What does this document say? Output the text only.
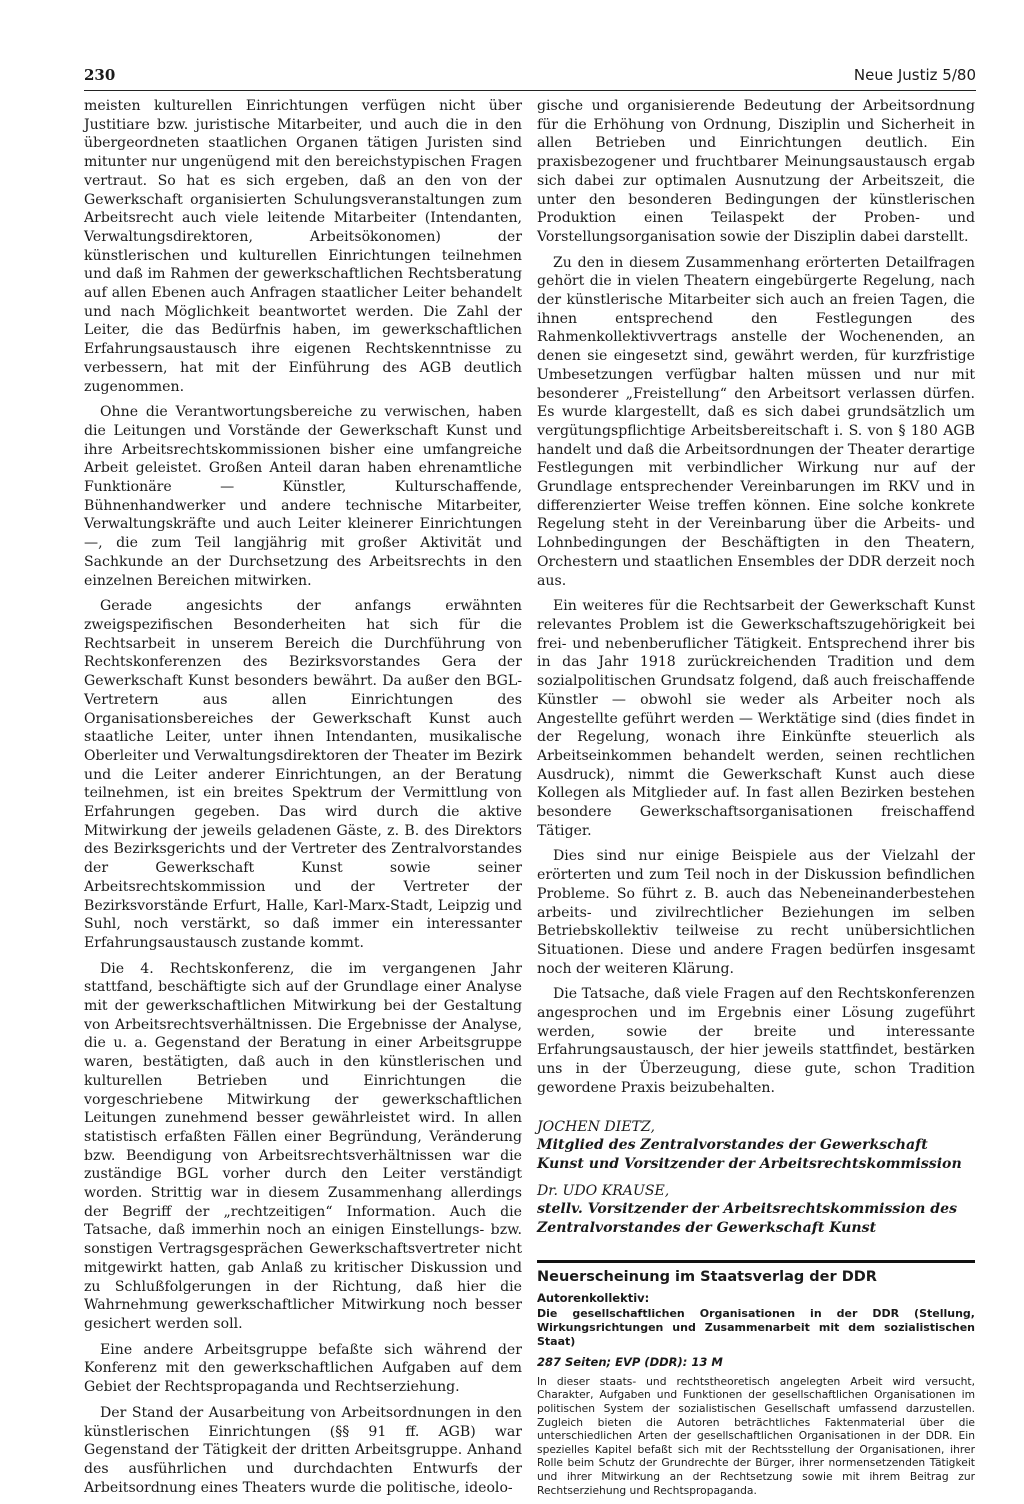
230	Neue Justiz 5/80

meisten kulturellen Einrichtungen verfügen nicht über Justitiare bzw. juristische Mitarbeiter, und auch die in den übergeordneten staatlichen Organen tätigen Juristen sind mitunter nur ungenügend mit den bereichstypischen Fragen vertraut. So hat es sich ergeben, daß an den von der Gewerkschaft organisierten Schulungsveranstaltungen zum Arbeitsrecht auch viele leitende Mitarbeiter (Intendanten, Verwaltungsdirektoren, Arbeitsökonomen) der künstlerischen und kulturellen Einrichtungen teilnehmen und daß im Rahmen der gewerkschaftlichen Rechtsberatung auf allen Ebenen auch Anfragen staatlicher Leiter behandelt und nach Möglichkeit beantwortet werden. Die Zahl der Leiter, die das Bedürfnis haben, im gewerkschaftlichen Erfahrungsaustausch ihre eigenen Rechtskenntnisse zu verbessern, hat mit der Einführung des AGB deutlich zugenommen.

Ohne die Verantwortungsbereiche zu verwischen, haben die Leitungen und Vorstände der Gewerkschaft Kunst und ihre Arbeitsrechtskommissionen bisher eine umfangreiche Arbeit geleistet. Großen Anteil daran haben ehrenamtliche Funktionäre — Künstler, Kulturschaffende, Bühnenhandwerker und andere technische Mitarbeiter, Verwaltungskräfte und auch Leiter kleinerer Einrichtungen —, die zum Teil langjährig mit großer Aktivität und Sachkunde an der Durchsetzung des Arbeitsrechts in den einzelnen Bereichen mitwirken.

Gerade angesichts der anfangs erwähnten zweigspezifischen Besonderheiten hat sich für die Rechtsarbeit in unserem Bereich die Durchführung von Rechtskonferenzen des Bezirksvorstandes Gera der Gewerkschaft Kunst besonders bewährt. Da außer den BGL-Vertretern aus allen Einrichtungen des Organisationsbereiches der Gewerkschaft Kunst auch staatliche Leiter, unter ihnen Intendanten, musikalische Oberleiter und Verwaltungsdirektoren der Theater im Bezirk und die Leiter anderer Einrichtungen, an der Beratung teilnehmen, ist ein breites Spektrum der Vermittlung von Erfahrungen gegeben. Das wird durch die aktive Mitwirkung der jeweils geladenen Gäste, z. B. des Direktors des Bezirksgerichts und der Vertreter des Zentralvorstandes der Gewerkschaft Kunst sowie seiner Arbeitsrechtskommission und der Vertreter der Bezirksvorstände Erfurt, Halle, Karl-Marx-Stadt, Leipzig und Suhl, noch verstärkt, so daß immer ein interessanter Erfahrungsaustausch zustande kommt.

Die 4. Rechtskonferenz, die im vergangenen Jahr stattfand, beschäftigte sich auf der Grundlage einer Analyse mit der gewerkschaftlichen Mitwirkung bei der Gestaltung von Arbeitsrechtsverhältnissen. Die Ergebnisse der Analyse, die u. a. Gegenstand der Beratung in einer Arbeitsgruppe waren, bestätigten, daß auch in den künstlerischen und kulturellen Betrieben und Einrichtungen die vorgeschriebene Mitwirkung der gewerkschaftlichen Leitungen zunehmend besser gewährleistet wird. In allen statistisch erfaßten Fällen einer Begründung, Veränderung bzw. Beendigung von Arbeitsrechtsverhältnissen war die zuständige BGL vorher durch den Leiter verständigt worden. Strittig war in diesem Zusammenhang allerdings der Begriff der „rechtzeitigen“ Information. Auch die Tatsache, daß immerhin noch an einigen Einstellungs- bzw. sonstigen Vertragsgesprächen Gewerkschaftsvertreter nicht mitgewirkt hatten, gab Anlaß zu kritischer Diskussion und zu Schlußfolgerungen in der Richtung, daß hier die Wahrnehmung gewerkschaftlicher Mitwirkung noch besser gesichert werden soll.

Eine andere Arbeitsgruppe befaßte sich während der Konferenz mit den gewerkschaftlichen Aufgaben auf dem Gebiet der Rechtspropaganda und Rechtserziehung.

Der Stand der Ausarbeitung von Arbeitsordnungen in den künstlerischen Einrichtungen (§§ 91 ff. AGB) war Gegenstand der Tätigkeit der dritten Arbeitsgruppe. Anhand des ausführlichen und durchdachten Entwurfs der Arbeitsordnung eines Theaters wurde die politische, ideolo-

gische und organisierende Bedeutung der Arbeitsordnung für die Erhöhung von Ordnung, Disziplin und Sicherheit in allen Betrieben und Einrichtungen deutlich. Ein praxisbezogener und fruchtbarer Meinungsaustausch ergab sich dabei zur optimalen Ausnutzung der Arbeitszeit, die unter den besonderen Bedingungen der künstlerischen Produktion einen Teilaspekt der Proben- und Vorstellungsorganisation sowie der Disziplin dabei darstellt.

Zu den in diesem Zusammenhang erörterten Detailfragen gehört die in vielen Theatern eingebürgerte Regelung, nach der künstlerische Mitarbeiter sich auch an freien Tagen, die ihnen entsprechend den Festlegungen des Rahmenkollektivvertrags anstelle der Wochenenden, an denen sie eingesetzt sind, gewährt werden, für kurzfristige Umbesetzungen verfügbar halten müssen und nur mit besonderer „Freistellung“ den Arbeitsort verlassen dürfen. Es wurde klargestellt, daß es sich dabei grundsätzlich um vergütungspflichtige Arbeitsbereitschaft i. S. von § 180 AGB handelt und daß die Arbeitsordnungen der Theater derartige Festlegungen mit verbindlicher Wirkung nur auf der Grundlage entsprechender Vereinbarungen im RKV und in differenzierter Weise treffen können. Eine solche konkrete Regelung steht in der Vereinbarung über die Arbeits- und Lohnbedingungen der Beschäftigten in den Theatern, Orchestern und staatlichen Ensembles der DDR derzeit noch aus.

Ein weiteres für die Rechtsarbeit der Gewerkschaft Kunst relevantes Problem ist die Gewerkschaftszugehörigkeit bei frei- und nebenberuflicher Tätigkeit. Entsprechend ihrer bis in das Jahr 1918 zurückreichenden Tradition und dem sozialpolitischen Grundsatz folgend, daß auch freischaffende Künstler — obwohl sie weder als Arbeiter noch als Angestellte geführt werden — Werktätige sind (dies findet in der Regelung, wonach ihre Einkünfte steuerlich als Arbeitseinkommen behandelt werden, seinen rechtlichen Ausdruck), nimmt die Gewerkschaft Kunst auch diese Kollegen als Mitglieder auf. In fast allen Bezirken bestehen besondere Gewerkschaftsorganisationen freischaffend Tätiger.

Dies sind nur einige Beispiele aus der Vielzahl der erörterten und zum Teil noch in der Diskussion befindlichen Probleme. So führt z. B. auch das Nebeneinanderbestehen arbeits- und zivilrechtlicher Beziehungen im selben Betriebskollektiv teilweise zu recht unübersichtlichen Situationen. Diese und andere Fragen bedürfen insgesamt noch der weiteren Klärung.

Die Tatsache, daß viele Fragen auf den Rechtskonferenzen angesprochen und im Ergebnis einer Lösung zugeführt werden, sowie der breite und interessante Erfahrungsaustausch, der hier jeweils stattfindet, bestärken uns in der Überzeugung, diese gute, schon Tradition gewordene Praxis beizubehalten.

JOCHEN DIETZ,
Mitglied des Zentralvorstandes der Gewerkschaft Kunst und Vorsitzender der Arbeitsrechtskommission
Dr. UDO KRAUSE,
stellv. Vorsitzender der Arbeitsrechtskommission des Zentralvorstandes der Gewerkschaft Kunst
Neuerscheinung im Staatsverlag der DDR
Autorenkollektiv:
Die gesellschaftlichen Organisationen in der DDR (Stellung, Wirkungsrichtungen und Zusammenarbeit mit dem sozialistischen Staat)
287 Seiten; EVP (DDR): 13 M

In dieser staats- und rechtstheoretisch angelegten Arbeit wird versucht, Charakter, Aufgaben und Funktionen der gesellschaftlichen Organisationen im politischen System der sozialistischen Gesellschaft umfassend darzustellen. Zugleich bieten die Autoren beträchtliches Faktenmaterial über die unterschiedlichen Arten der gesellschaftlichen Organisationen in der DDR. Ein spezielles Kapitel befaßt sich mit der Rechtsstellung der Organisationen, ihrer Rolle beim Schutz der Grundrechte der Bürger, ihrer normensetzenden Tätigkeit und ihrer Mitwirkung an der Rechtsetzung sowie mit ihrem Beitrag zur Rechtserziehung und Rechtspropaganda.
